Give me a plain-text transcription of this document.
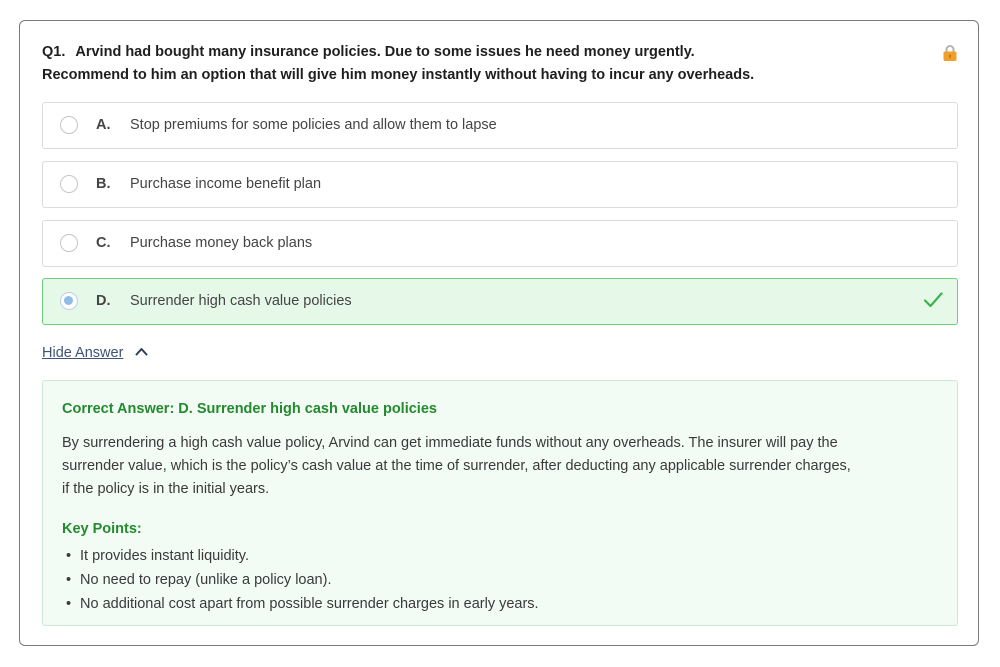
Q1. Arvind had bought many insurance policies. Due to some issues he need money urgently.
Recommend to him an option that will give him money instantly without having to incur any overheads.
A. Stop premiums for some policies and allow them to lapse
B. Purchase income benefit plan
C. Purchase money back plans
D. Surrender high cash value policies
Hide Answer
Correct Answer: D. Surrender high cash value policies
By surrendering a high cash value policy, Arvind can get immediate funds without any overheads. The insurer will pay the
surrender value, which is the policy’s cash value at the time of surrender, after deducting any applicable surrender charges,
if the policy is in the initial years.
Key Points:
• It provides instant liquidity.
• No need to repay (unlike a policy loan).
• No additional cost apart from possible surrender charges in early years.
